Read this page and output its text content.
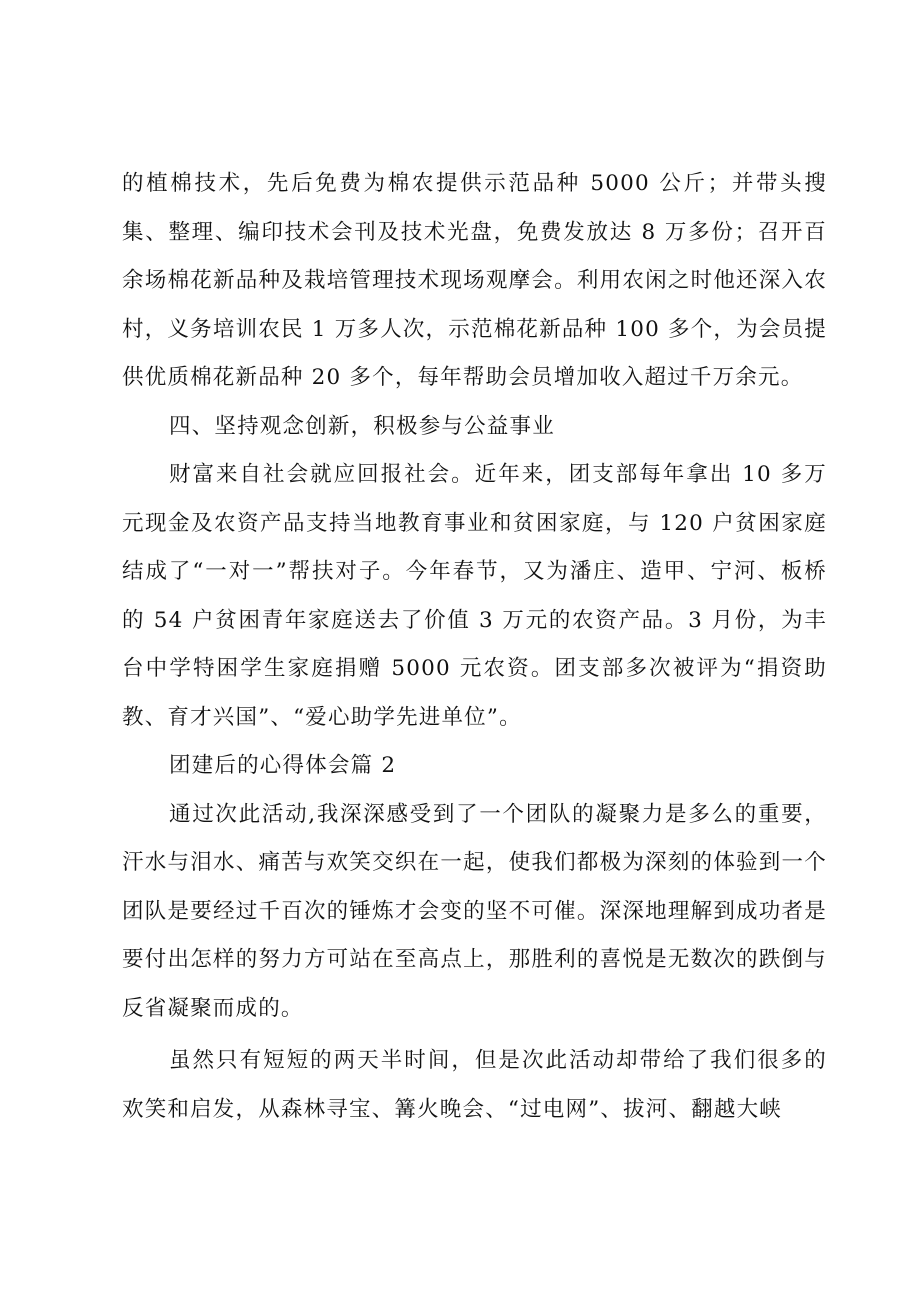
的植棉技术，先后免费为棉农提供示范品种 5000 公斤；并带头搜集、整理、编印技术会刊及技术光盘，免费发放达 8 万多份；召开百余场棉花新品种及栽培管理技术现场观摩会。利用农闲之时他还深入农村，义务培训农民 1 万多人次，示范棉花新品种 100 多个，为会员提供优质棉花新品种 20 多个，每年帮助会员增加收入超过千万余元。

四、坚持观念创新，积极参与公益事业

财富来自社会就应回报社会。近年来，团支部每年拿出 10 多万元现金及农资产品支持当地教育事业和贫困家庭，与 120 户贫困家庭结成了“一对一”帮扶对子。今年春节，又为潘庄、造甲、宁河、板桥的 54 户贫困青年家庭送去了价值 3 万元的农资产品。3 月份，为丰台中学特困学生家庭捐赠 5000 元农资。团支部多次被评为“捐资助教、育才兴国”、“爱心助学先进单位”。

团建后的心得体会篇 2

通过次此活动,我深深感受到了一个团队的凝聚力是多么的重要，汗水与泪水、痛苦与欢笑交织在一起，使我们都极为深刻的体验到一个团队是要经过千百次的锤炼才会变的坚不可催。深深地理解到成功者是要付出怎样的努力方可站在至高点上，那胜利的喜悦是无数次的跌倒与反省凝聚而成的。

虽然只有短短的两天半时间，但是次此活动却带给了我们很多的欢笑和启发，从森林寻宝、篝火晚会、“过电网”、拔河、翻越大峡
